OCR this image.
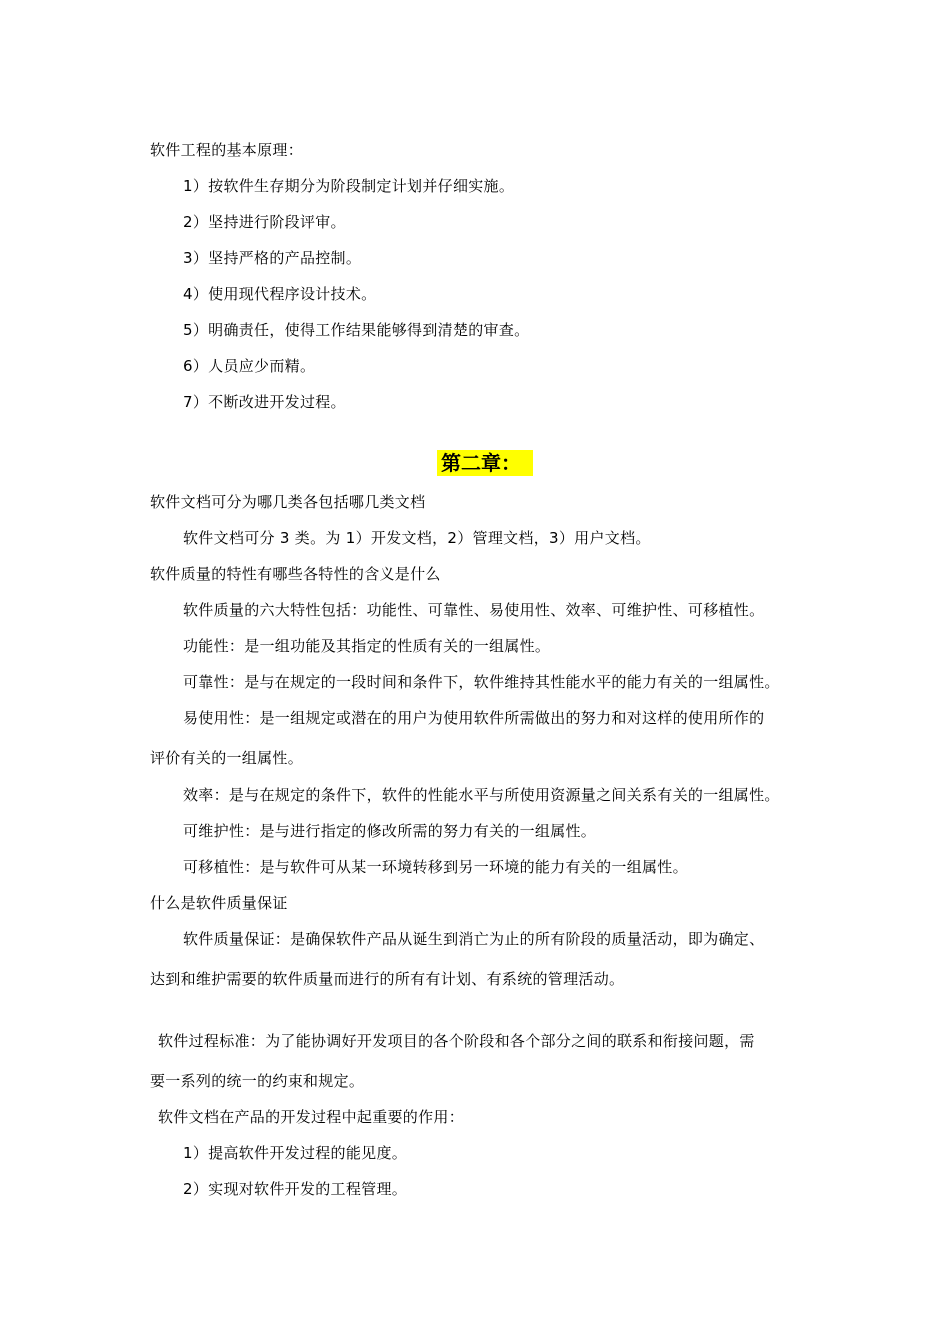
软件工程的基本原理：
1）按软件生存期分为阶段制定计划并仔细实施。
2）坚持进行阶段评审。
3）坚持严格的产品控制。
4）使用现代程序设计技术。
5）明确责任，使得工作结果能够得到清楚的审查。
6）人员应少而精。
7）不断改进开发过程。
第二章：
软件文档可分为哪几类各包括哪几类文档
软件文档可分 3 类。为 1）开发文档，2）管理文档，3）用户文档。
软件质量的特性有哪些各特性的含义是什么
软件质量的六大特性包括：功能性、可靠性、易使用性、效率、可维护性、可移植性。
功能性：是一组功能及其指定的性质有关的一组属性。
可靠性：是与在规定的一段时间和条件下，软件维持其性能水平的能力有关的一组属性。
易使用性：是一组规定或潜在的用户为使用软件所需做出的努力和对这样的使用所作的
评价有关的一组属性。
效率：是与在规定的条件下，软件的性能水平与所使用资源量之间关系有关的一组属性。
可维护性：是与进行指定的修改所需的努力有关的一组属性。
可移植性：是与软件可从某一环境转移到另一环境的能力有关的一组属性。
什么是软件质量保证
软件质量保证：是确保软件产品从诞生到消亡为止的所有阶段的质量活动，即为确定、
达到和维护需要的软件质量而进行的所有有计划、有系统的管理活动。
软件过程标准：为了能协调好开发项目的各个阶段和各个部分之间的联系和衔接问题，需
要一系列的统一的约束和规定。
软件文档在产品的开发过程中起重要的作用：
1）提高软件开发过程的能见度。
2）实现对软件开发的工程管理。
